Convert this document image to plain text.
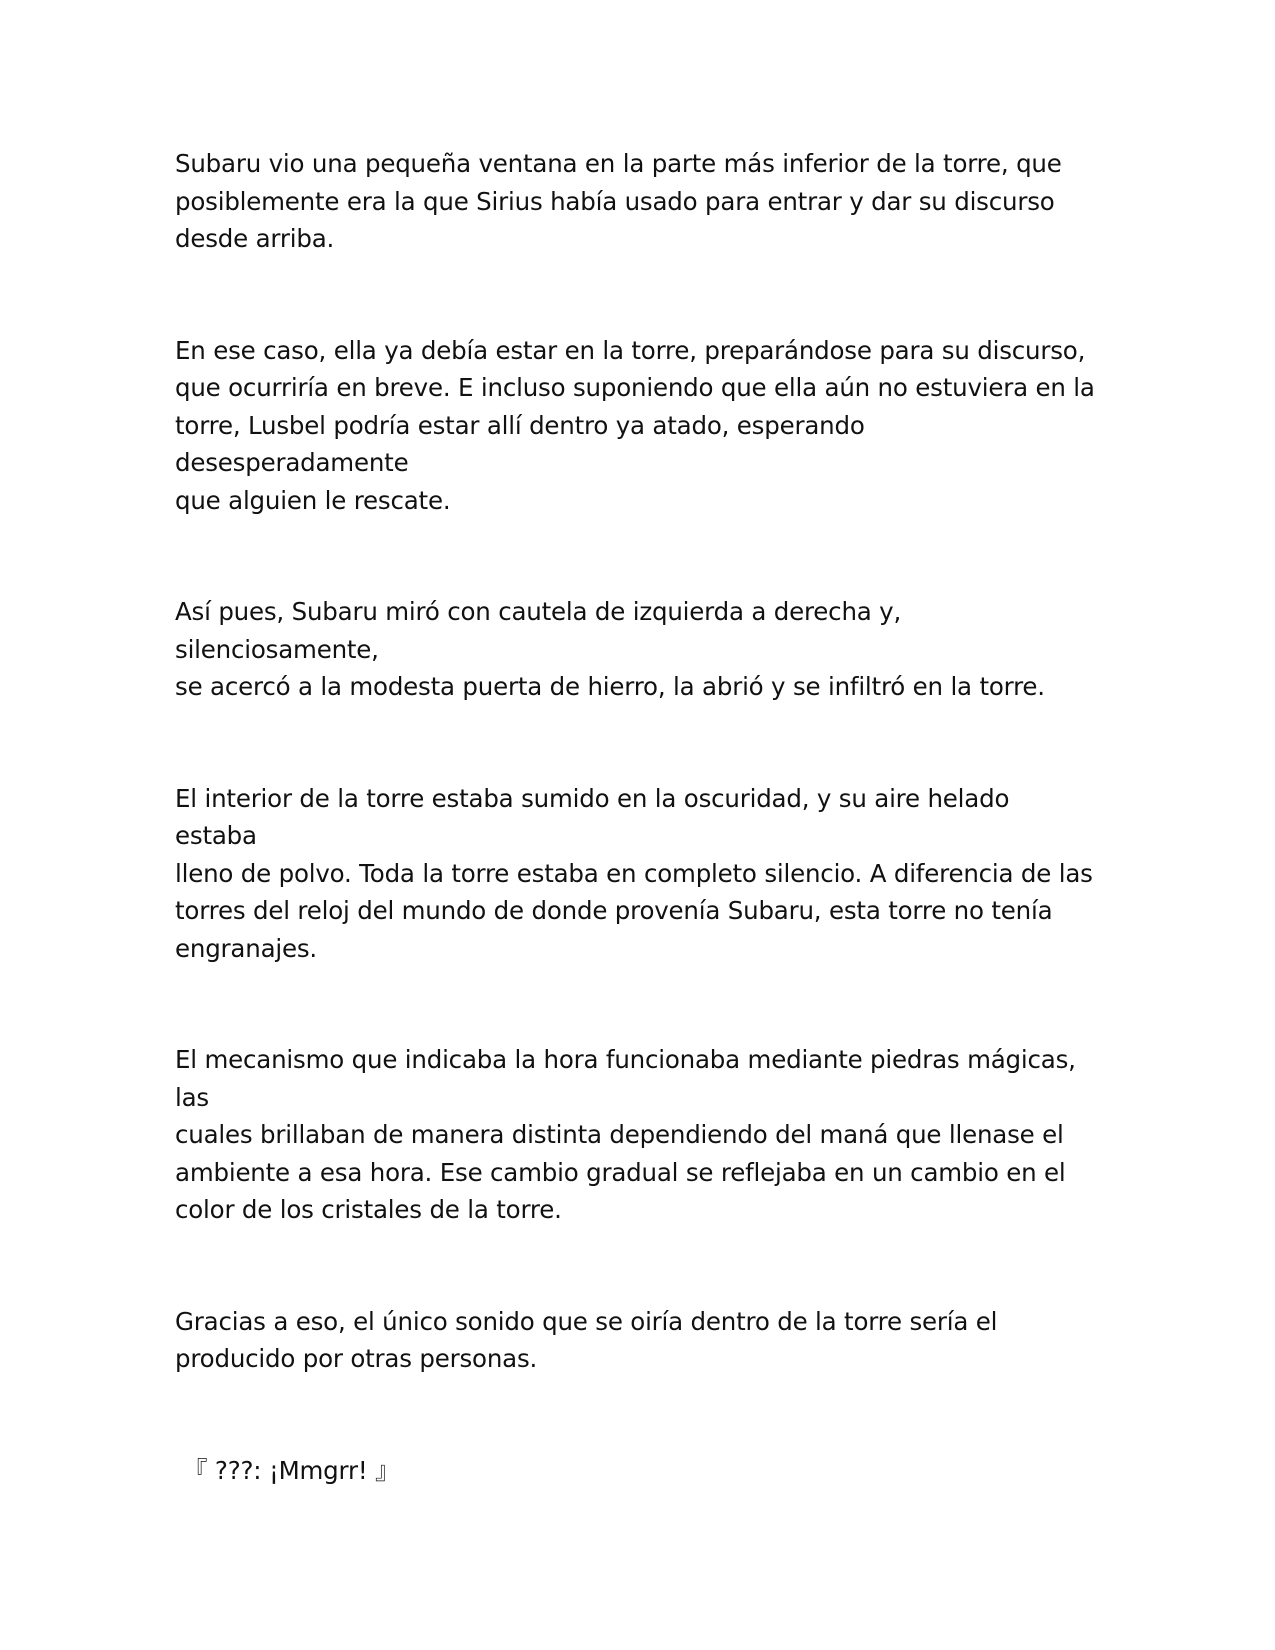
Subaru vio una pequeña ventana en la parte más inferior de la torre, que
posiblemente era la que Sirius había usado para entrar y dar su discurso
desde arriba.

En ese caso, ella ya debía estar en la torre, preparándose para su discurso,
que ocurriría en breve. E incluso suponiendo que ella aún no estuviera en la
torre, Lusbel podría estar allí dentro ya atado, esperando desesperadamente
que alguien le rescate.

Así pues, Subaru miró con cautela de izquierda a derecha y, silenciosamente,
se acercó a la modesta puerta de hierro, la abrió y se infiltró en la torre.

El interior de la torre estaba sumido en la oscuridad, y su aire helado estaba
lleno de polvo. Toda la torre estaba en completo silencio. A diferencia de las
torres del reloj del mundo de donde provenía Subaru, esta torre no tenía
engranajes.

El mecanismo que indicaba la hora funcionaba mediante piedras mágicas, las
cuales brillaban de manera distinta dependiendo del maná que llenase el
ambiente a esa hora. Ese cambio gradual se reflejaba en un cambio en el
color de los cristales de la torre.

Gracias a eso, el único sonido que se oiría dentro de la torre sería el
producido por otras personas.

『 ???: ¡Mmgrr! 』
